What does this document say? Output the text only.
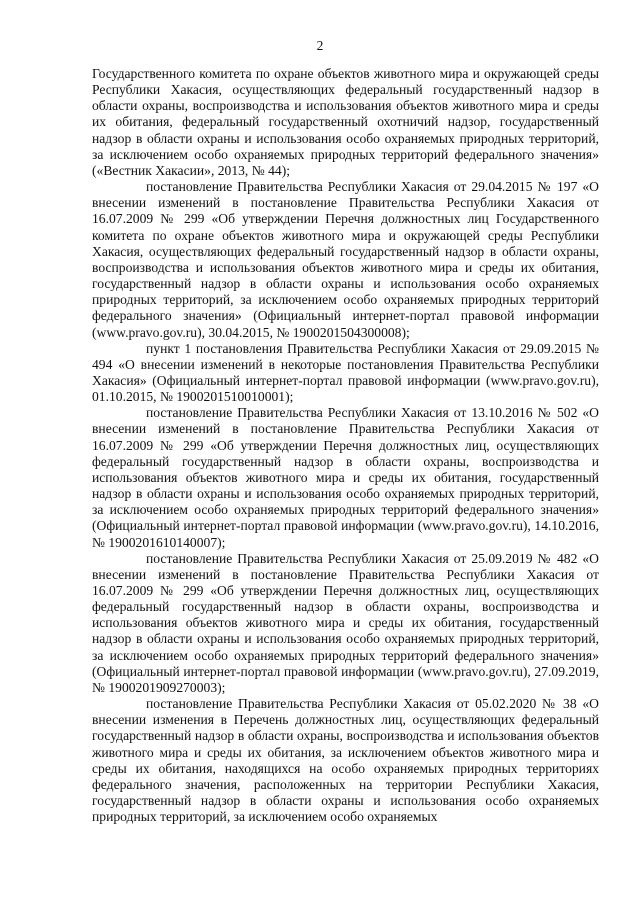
2

Государственного комитета по охране объектов животного мира и окружающей среды Республики Хакасия, осуществляющих федеральный государственный надзор в области охраны, воспроизводства и использования объектов животного мира и среды их обитания, федеральный государственный охотничий надзор, государственный надзор в области охраны и использования особо охраняемых природных территорий, за исключением особо охраняемых природных территорий федерального значения» («Вестник Хакасии», 2013, № 44);

постановление Правительства Республики Хакасия от 29.04.2015 № 197 «О внесении изменений в постановление Правительства Республики Хакасия от 16.07.2009 № 299 «Об утверждении Перечня должностных лиц Государственного комитета по охране объектов животного мира и окружающей среды Республики Хакасия, осуществляющих федеральный государственный надзор в области охраны, воспроизводства и использования объектов животного мира и среды их обитания, государственный надзор в области охраны и использования особо охраняемых природных территорий, за исключением особо охраняемых природных территорий федерального значения» (Официальный интернет-портал правовой информации (www.pravo.gov.ru), 30.04.2015, № 1900201504300008);

пункт 1 постановления Правительства Республики Хакасия от 29.09.2015 № 494 «О внесении изменений в некоторые постановления Правительства Республики Хакасия» (Официальный интернет-портал правовой информации (www.pravo.gov.ru), 01.10.2015, № 1900201510010001);

постановление Правительства Республики Хакасия от 13.10.2016 № 502 «О внесении изменений в постановление Правительства Республики Хакасия от 16.07.2009 № 299 «Об утверждении Перечня должностных лиц, осуществляющих федеральный государственный надзор в области охраны, воспроизводства и использования объектов животного мира и среды их обитания, государственный надзор в области охраны и использования особо охраняемых природных территорий, за исключением особо охраняемых природных территорий федерального значения» (Официальный интернет-портал правовой информации (www.pravo.gov.ru), 14.10.2016, № 1900201610140007);

постановление Правительства Республики Хакасия от 25.09.2019 № 482 «О внесении изменений в постановление Правительства Республики Хакасия от 16.07.2009 № 299 «Об утверждении Перечня должностных лиц, осуществляющих федеральный государственный надзор в области охраны, воспроизводства и использования объектов животного мира и среды их обитания, государственный надзор в области охраны и использования особо охраняемых природных территорий, за исключением особо охраняемых природных территорий федерального значения» (Официальный интернет-портал правовой информации (www.pravo.gov.ru), 27.09.2019, № 1900201909270003);

постановление Правительства Республики Хакасия от 05.02.2020 № 38 «О внесении изменения в Перечень должностных лиц, осуществляющих федеральный государственный надзор в области охраны, воспроизводства и использования объектов животного мира и среды их обитания, за исключением объектов животного мира и среды их обитания, находящихся на особо охраняемых природных территориях федерального значения, расположенных на территории Республики Хакасия, государственный надзор в области охраны и использования особо охраняемых природных территорий, за исключением особо охраняемых
